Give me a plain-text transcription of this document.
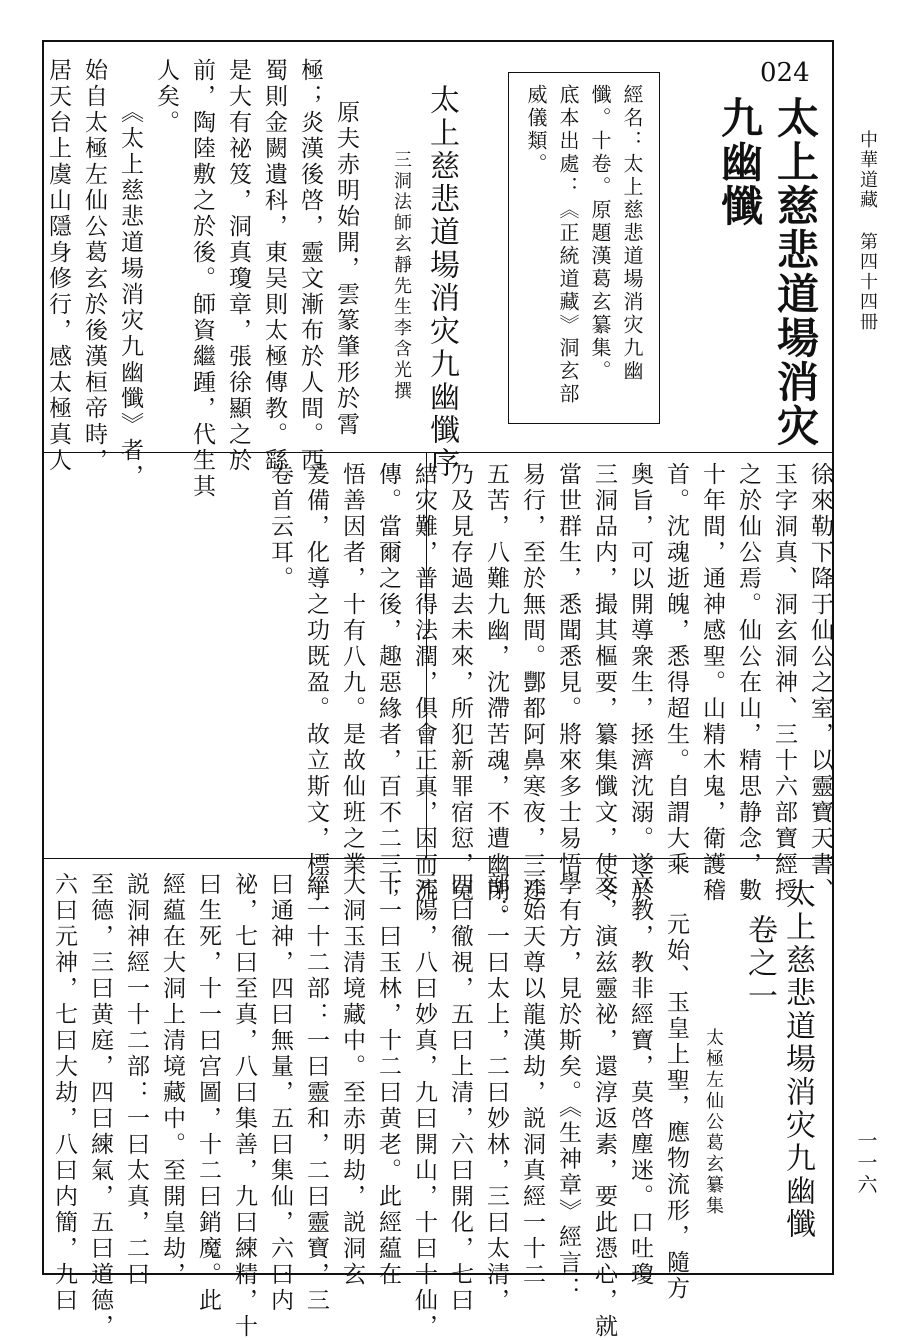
中華道藏
第四十四冊
一一六
024
太上慈悲道場消灾
九幽懺
經名：太上慈悲道場消灾九幽
懺。十卷。原題漢葛玄纂集。
底本出處：《正統道藏》洞玄部
威儀類。
太上慈悲道場消灾九幽懺序
三洞法師玄靜先生李含光撰
原夫赤明始開，雲篆肇形於霄
極；炎漢後啓，靈文漸布於人間。西
蜀則金闕遺科，東吴則太極傳教。繇
是大有祕笈，洞真瓊章，張徐顯之於
前，陶陸敷之於後。師資繼踵，代生其
人矣。
《太上慈悲道場消灾九幽懺》者，
始自太極左仙公葛玄於後漢桓帝時，
居天台上虞山隱身修行，感太極真人
徐來勒下降于仙公之室，以靈寶天書、
玉字洞真、洞玄洞神、三十六部寶經授
之於仙公焉。仙公在山，精思静念，數
十年間，通神感聖。山精木鬼，衛護稽
首。沈魂逝魄，悉得超生。自謂大乘
奥旨，可以開導衆生，拯濟沈溺。遂於
三洞品内，撮其樞要，纂集懺文，使令
當世群生，悉聞悉見。將來多士易悟
易行，至於無間。酆都阿鼻寒夜，三途
五苦，八難九幽，沈滯苦魂，不遭幽閉。
乃及見存過去未來，所犯新罪宿愆，冤
結灾難，普得法潤，俱會正真，因而流
傳。當爾之後，趣惡緣者，百不二三；
悟善因者，十有八九。是故仙班之業
爰備，化導之功既盈。故立斯文，標于
卷首云耳。
太上慈悲道場消灾九幽懺
卷之一
太極左仙公葛玄纂集
元始、玉皇上聖，應物流形，隨方
立教，教非經寶，莫啓塵迷。口吐瓊
文，演兹靈祕，還淳返素，要此憑心，就
學有方，見於斯矣。《生神章》經言：
元始天尊以龍漢劫，説洞真經一十二
部：一曰太上，二曰妙林，三曰太清，
四曰徹視，五曰上清，六曰開化，七曰
元陽，八曰妙真，九曰開山，十曰十仙，
十一曰玉林，十二曰黄老。此經藴在
大洞玉清境藏中。至赤明劫，説洞玄
經一十二部：一曰靈和，二曰靈寶，三
曰通神，四曰無量，五曰集仙，六曰内
祕，七曰至真，八曰集善，九曰練精，十
曰生死，十一曰宫圖，十二曰銷魔。此
經藴在大洞上清境藏中。至開皇劫，
説洞神經一十二部：一曰太真，二曰
至德，三曰黄庭，四曰練氣，五曰道德，
六曰元神，七曰大劫，八曰内簡，九曰
